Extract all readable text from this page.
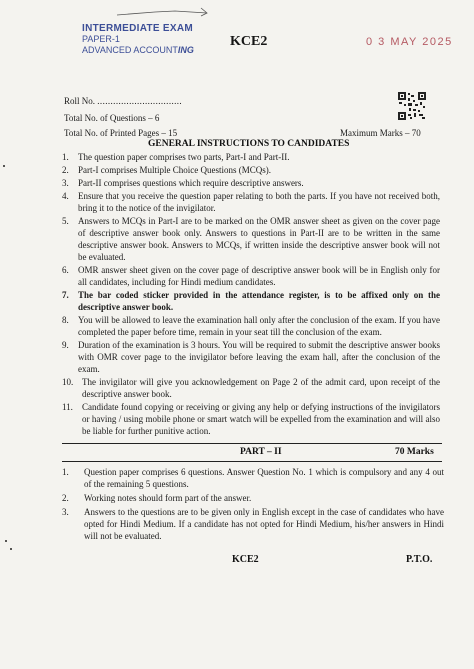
INTERMEDIATE EXAM
PAPER-1
ADVANCED ACCOUNTING
KCE2	0 3 MAY 2025
Roll No. ................................
Total No. of Questions – 6
Total No. of Printed Pages – 15	Maximum Marks – 70
GENERAL INSTRUCTIONS TO CANDIDATES
1. The question paper comprises two parts, Part-I and Part-II.
2. Part-I comprises Multiple Choice Questions (MCQs).
3. Part-II comprises questions which require descriptive answers.
4. Ensure that you receive the question paper relating to both the parts. If you have not received both, bring it to the notice of the invigilator.
5. Answers to MCQs in Part-I are to be marked on the OMR answer sheet as given on the cover page of descriptive answer book only. Answers to questions in Part-II are to be written in the same descriptive answer book. Answers to MCQs, if written inside the descriptive answer book will not be evaluated.
6. OMR answer sheet given on the cover page of descriptive answer book will be in English only for all candidates, including for Hindi medium candidates.
7. The bar coded sticker provided in the attendance register, is to be affixed only on the descriptive answer book.
8. You will be allowed to leave the examination hall only after the conclusion of the exam. If you have completed the paper before time, remain in your seat till the conclusion of the exam.
9. Duration of the examination is 3 hours. You will be required to submit the descriptive answer books with OMR cover page to the invigilator before leaving the exam hall, after the conclusion of the exam.
10. The invigilator will give you acknowledgement on Page 2 of the admit card, upon receipt of the descriptive answer book.
11. Candidate found copying or receiving or giving any help or defying instructions of the invigilators or having / using mobile phone or smart watch will be expelled from the examination and will also be liable for further punitive action.
PART – II	70 Marks
1. Question paper comprises 6 questions. Answer Question No. 1 which is compulsory and any 4 out of the remaining 5 questions.
2. Working notes should form part of the answer.
3. Answers to the questions are to be given only in English except in the case of candidates who have opted for Hindi Medium. If a candidate has not opted for Hindi Medium, his/her answers in Hindi will not be evaluated.
KCE2	P.T.O.
